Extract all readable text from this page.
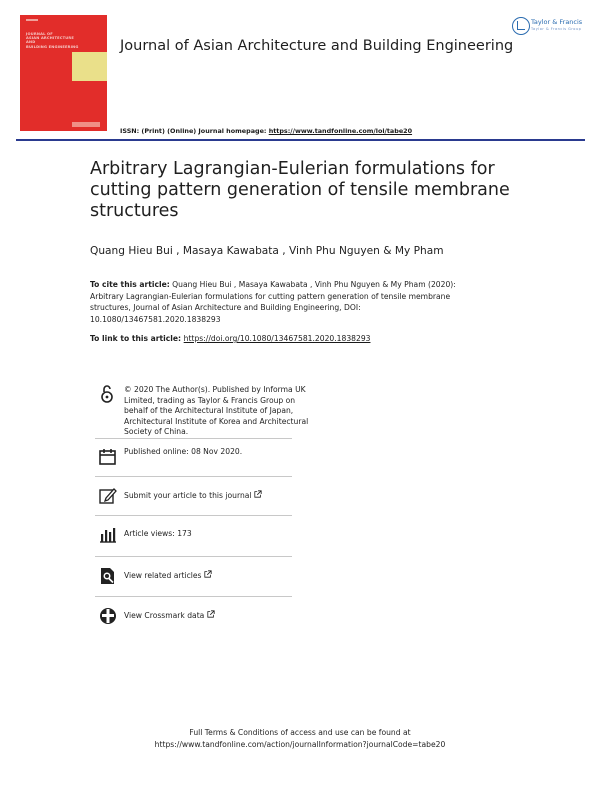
JOURNAL OF
ASIAN ARCHITECTURE AND
BUILDING ENGINEERING	Journal of Asian Architecture and Building Engineering
Taylor & Francis
Taylor & Francis Group
ISSN: (Print) (Online) Journal homepage: https://www.tandfonline.com/loi/tabe20
Arbitrary Lagrangian-Eulerian formulations for cutting pattern generation of tensile membrane structures
Quang Hieu Bui , Masaya Kawabata , Vinh Phu Nguyen & My Pham
To cite this article: Quang Hieu Bui , Masaya Kawabata , Vinh Phu Nguyen & My Pham (2020): Arbitrary Lagrangian-Eulerian formulations for cutting pattern generation of tensile membrane structures, Journal of Asian Architecture and Building Engineering, DOI: 10.1080/13467581.2020.1838293
To link to this article: https://doi.org/10.1080/13467581.2020.1838293
© 2020 The Author(s). Published by Informa UK Limited, trading as Taylor & Francis Group on behalf of the Architectural Institute of Japan, Architectural Institute of Korea and Architectural Society of China.
Published online: 08 Nov 2020.
Submit your article to this journal
Article views: 173
View related articles
View Crossmark data
Full Terms & Conditions of access and use can be found at
https://www.tandfonline.com/action/journalInformation?journalCode=tabe20
